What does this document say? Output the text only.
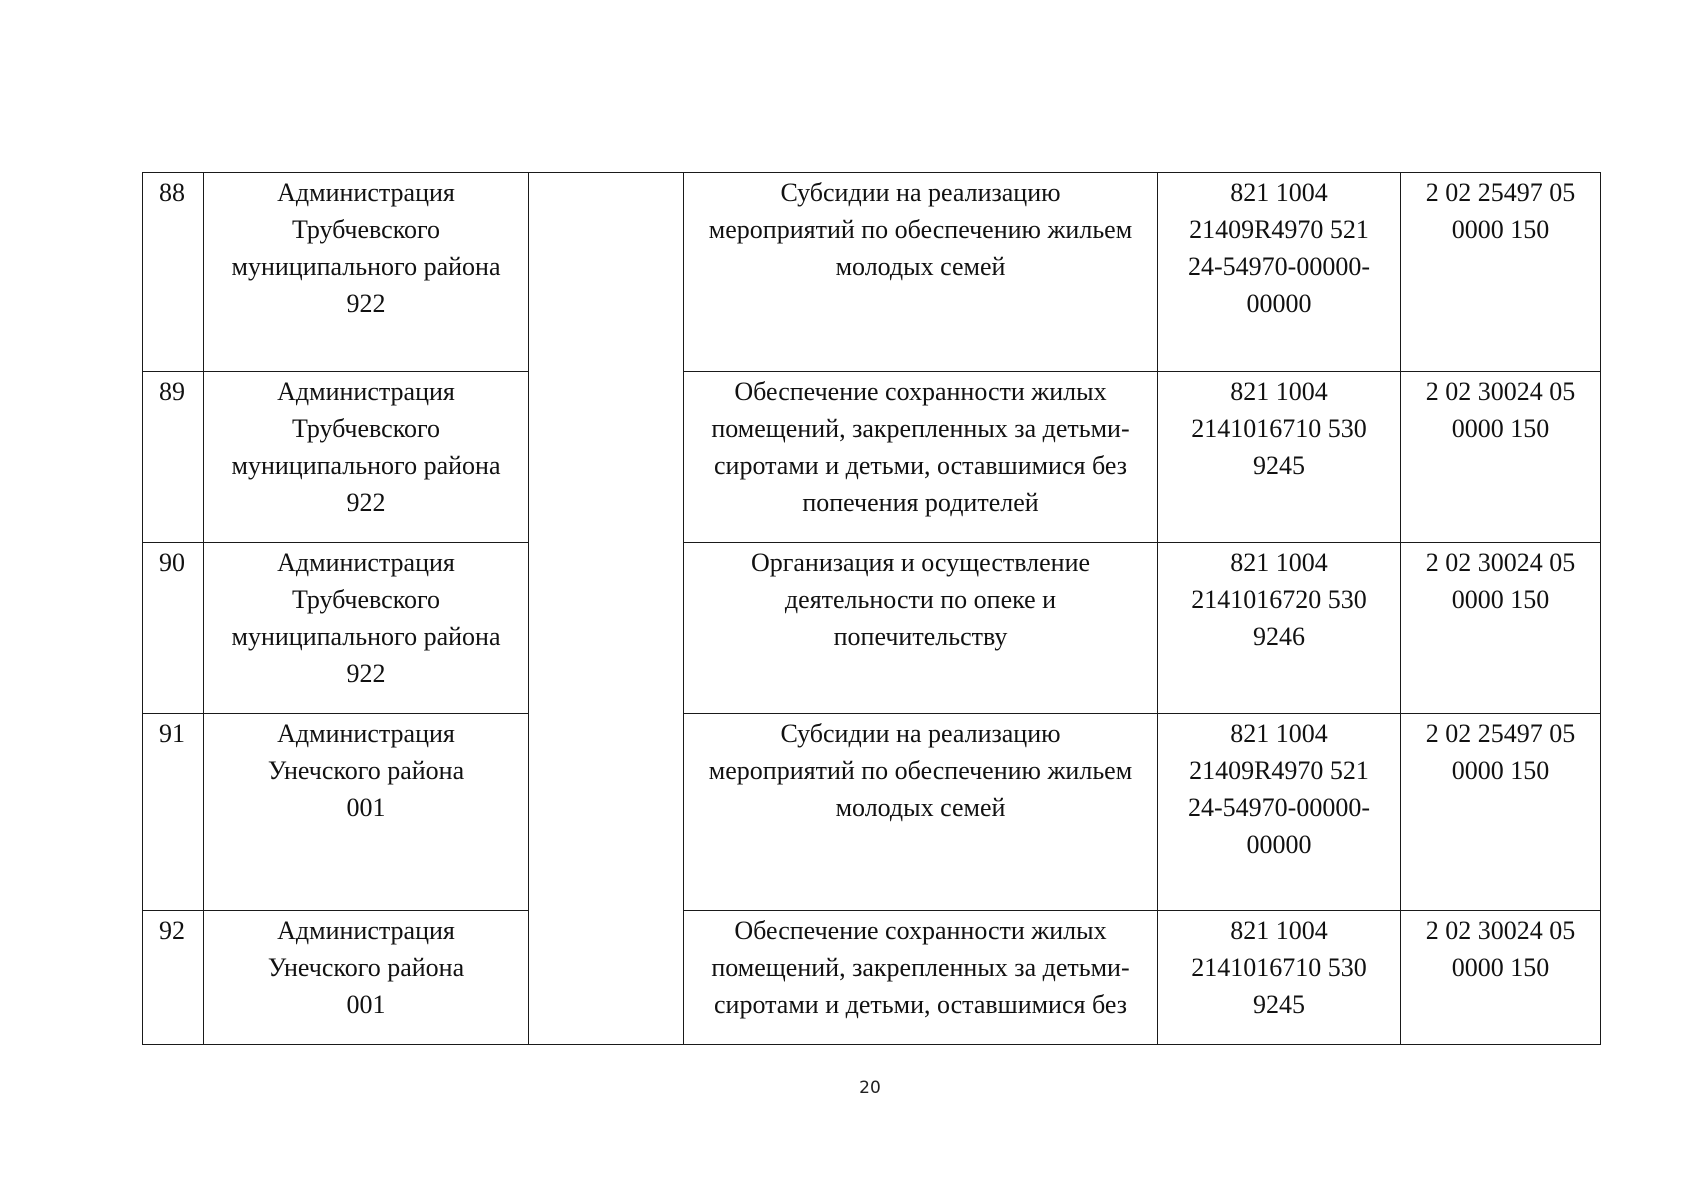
88	Администрация
Трубчевского
муниципального района
922		Субсидии на реализацию
мероприятий по обеспечению жильем
молодых семей	821 1004
21409R4970 521
24-54970-00000-
00000	2 02 25497 05
0000 150

89	Администрация
Трубчевского
муниципального района
922		Обеспечение сохранности жилых
помещений, закрепленных за детьми-
сиротами и детьми, оставшимися без
попечения родителей	821 1004
2141016710 530
9245	2 02 30024 05
0000 150

90	Администрация
Трубчевского
муниципального района
922		Организация и осуществление
деятельности по опеке и
попечительству	821 1004
2141016720 530
9246	2 02 30024 05
0000 150

91	Администрация
Унечского района
001		Субсидии на реализацию
мероприятий по обеспечению жильем
молодых семей	821 1004
21409R4970 521
24-54970-00000-
00000	2 02 25497 05
0000 150

92	Администрация
Унечского района
001		Обеспечение сохранности жилых
помещений, закрепленных за детьми-
сиротами и детьми, оставшимися без	821 1004
2141016710 530
9245	2 02 30024 05
0000 150
20
